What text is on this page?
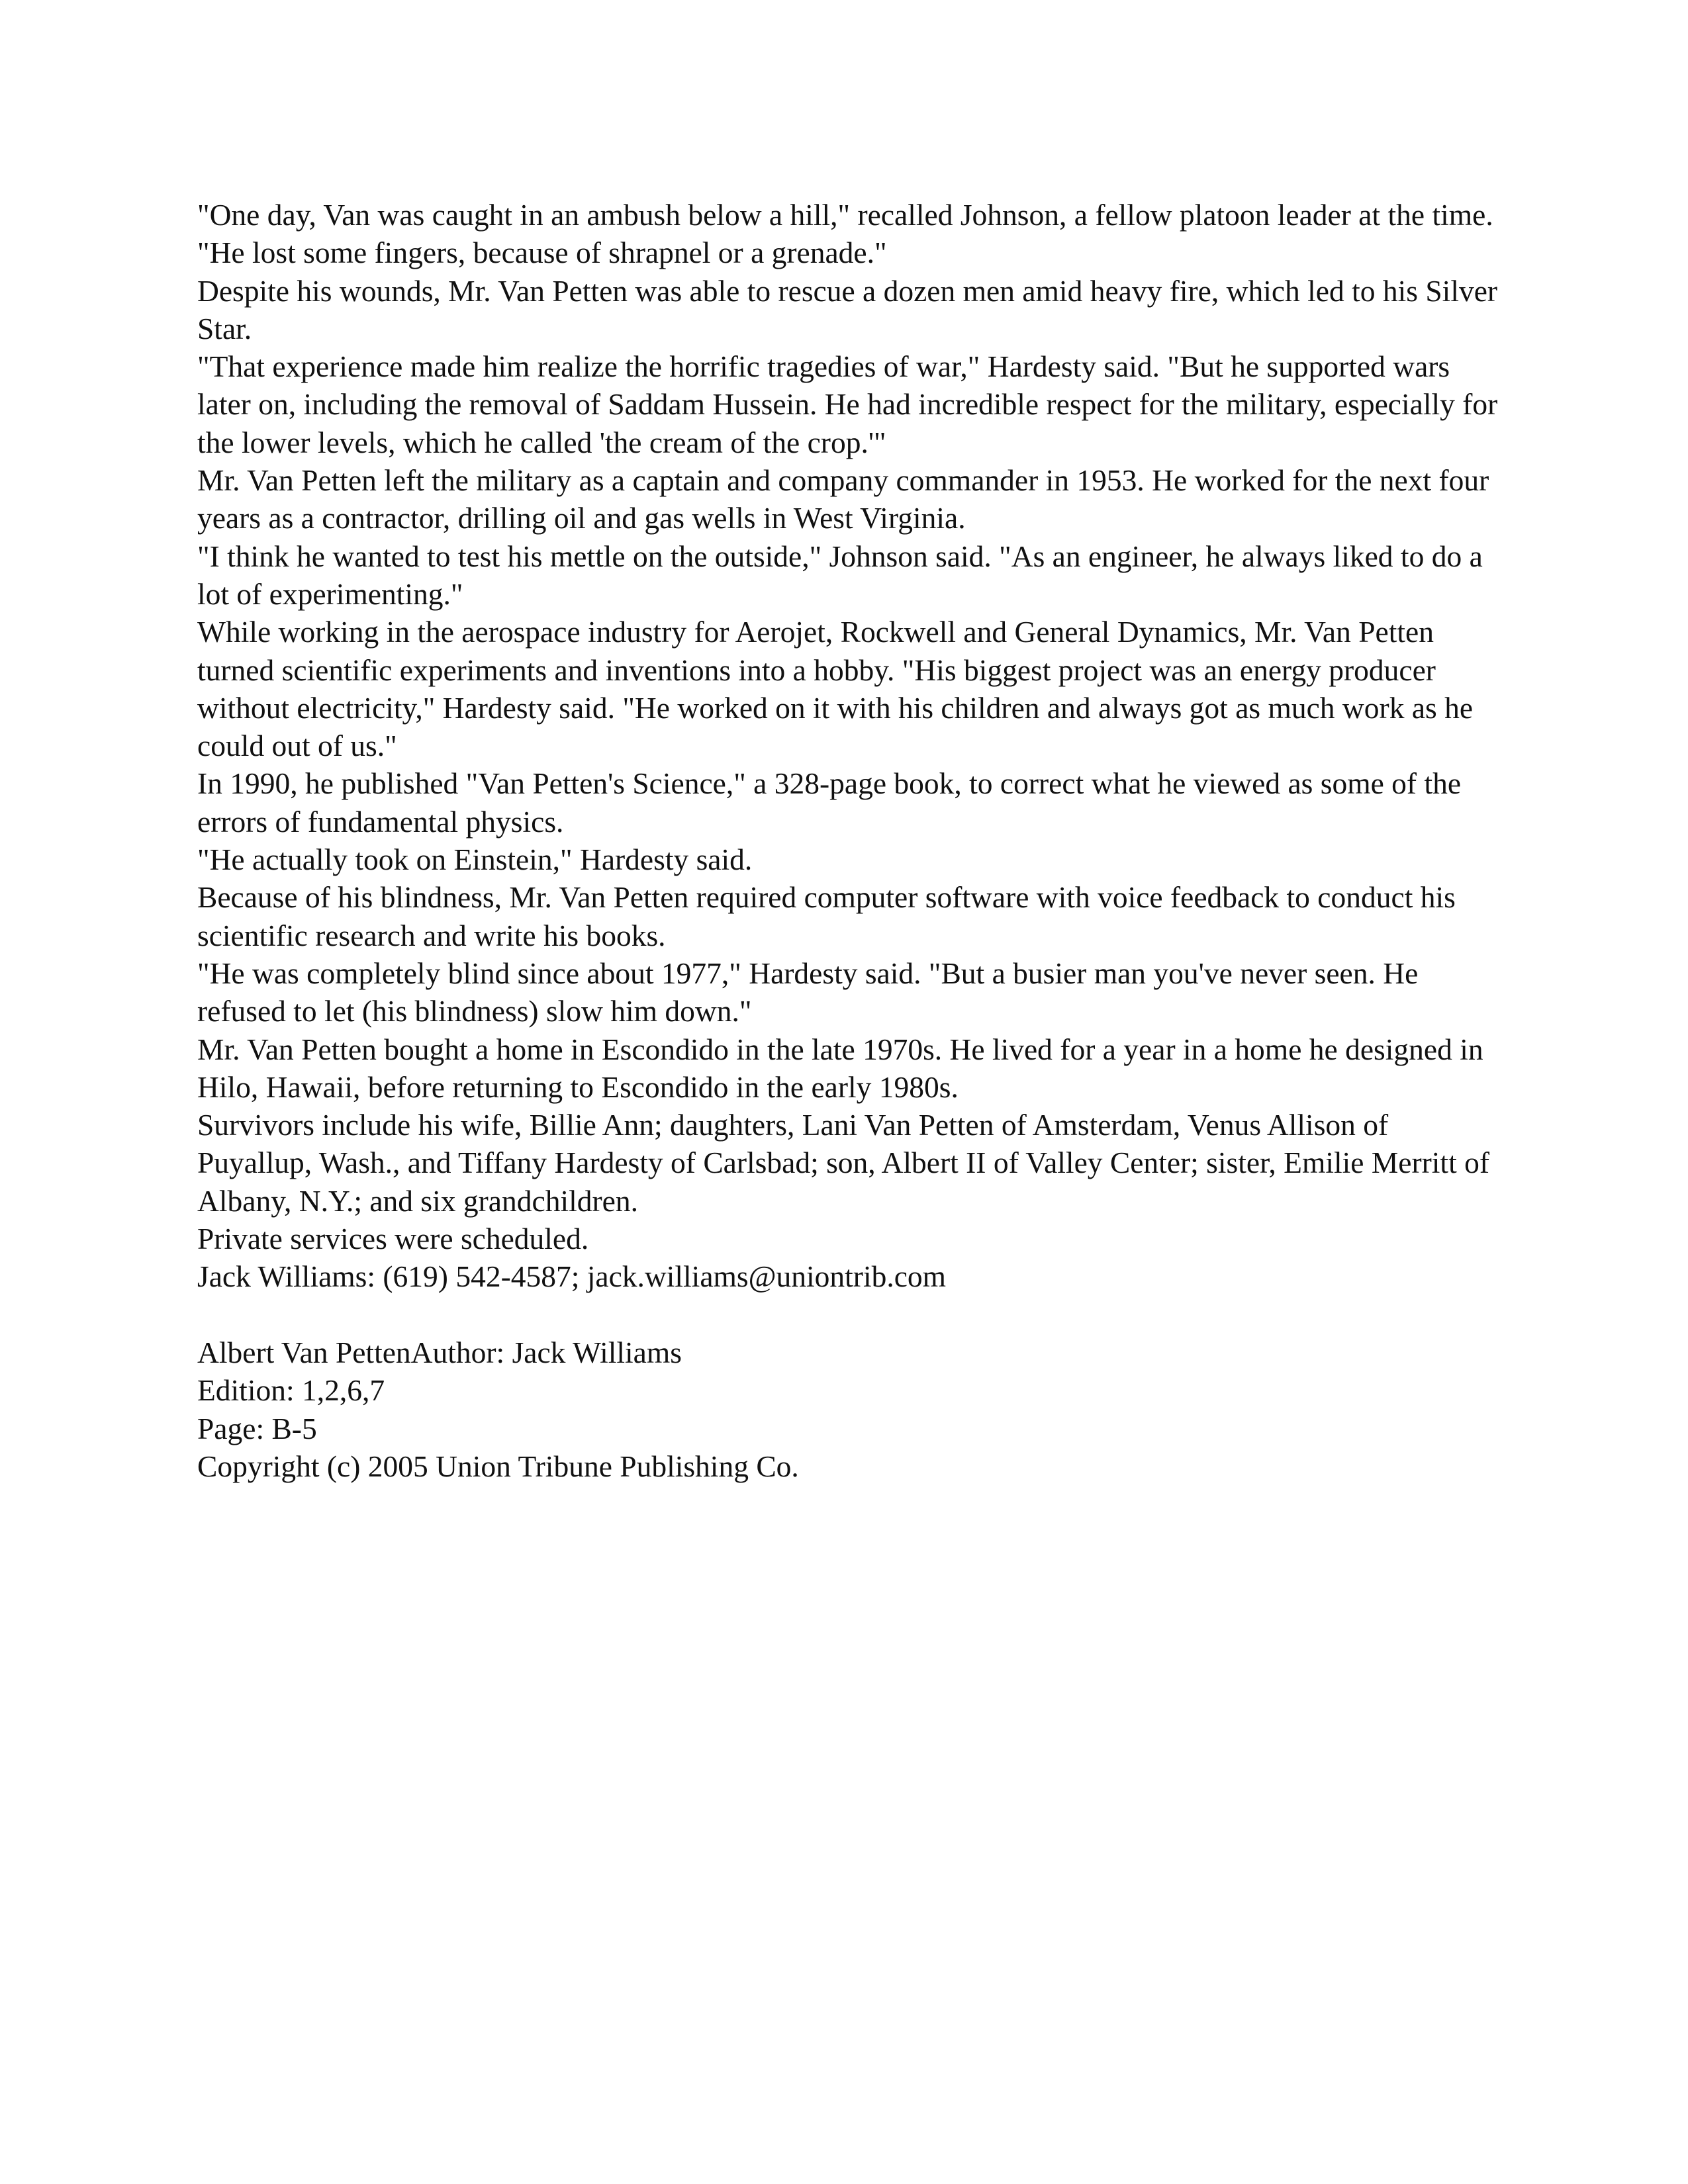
"One day, Van was caught in an ambush below a hill," recalled Johnson, a fellow platoon leader at the time. "He lost some fingers, because of shrapnel or a grenade."

Despite his wounds, Mr. Van Petten was able to rescue a dozen men amid heavy fire, which led to his Silver Star.

"That experience made him realize the horrific tragedies of war," Hardesty said. "But he supported wars later on, including the removal of Saddam Hussein. He had incredible respect for the military, especially for the lower levels, which he called 'the cream of the crop.'"

Mr. Van Petten left the military as a captain and company commander in 1953. He worked for the next four years as a contractor, drilling oil and gas wells in West Virginia.

"I think he wanted to test his mettle on the outside," Johnson said. "As an engineer, he always liked to do a lot of experimenting."

While working in the aerospace industry for Aerojet, Rockwell and General Dynamics, Mr. Van Petten turned scientific experiments and inventions into a hobby. "His biggest project was an energy producer without electricity," Hardesty said. "He worked on it with his children and always got as much work as he could out of us."

In 1990, he published "Van Petten's Science," a 328-page book, to correct what he viewed as some of the errors of fundamental physics.

"He actually took on Einstein," Hardesty said.

Because of his blindness, Mr. Van Petten required computer software with voice feedback to conduct his scientific research and write his books.

"He was completely blind since about 1977," Hardesty said. "But a busier man you've never seen. He refused to let (his blindness) slow him down."

Mr. Van Petten bought a home in Escondido in the late 1970s. He lived for a year in a home he designed in Hilo, Hawaii, before returning to Escondido in the early 1980s.

Survivors include his wife, Billie Ann; daughters, Lani Van Petten of Amsterdam, Venus Allison of Puyallup, Wash., and Tiffany Hardesty of Carlsbad; son, Albert II of Valley Center; sister, Emilie Merritt of Albany, N.Y.; and six grandchildren.

Private services were scheduled.

Jack Williams: (619) 542-4587; jack.williams@uniontrib.com

Albert Van PettenAuthor: Jack Williams

Edition: 1,2,6,7

Page: B-5

Copyright (c) 2005 Union Tribune Publishing Co.
